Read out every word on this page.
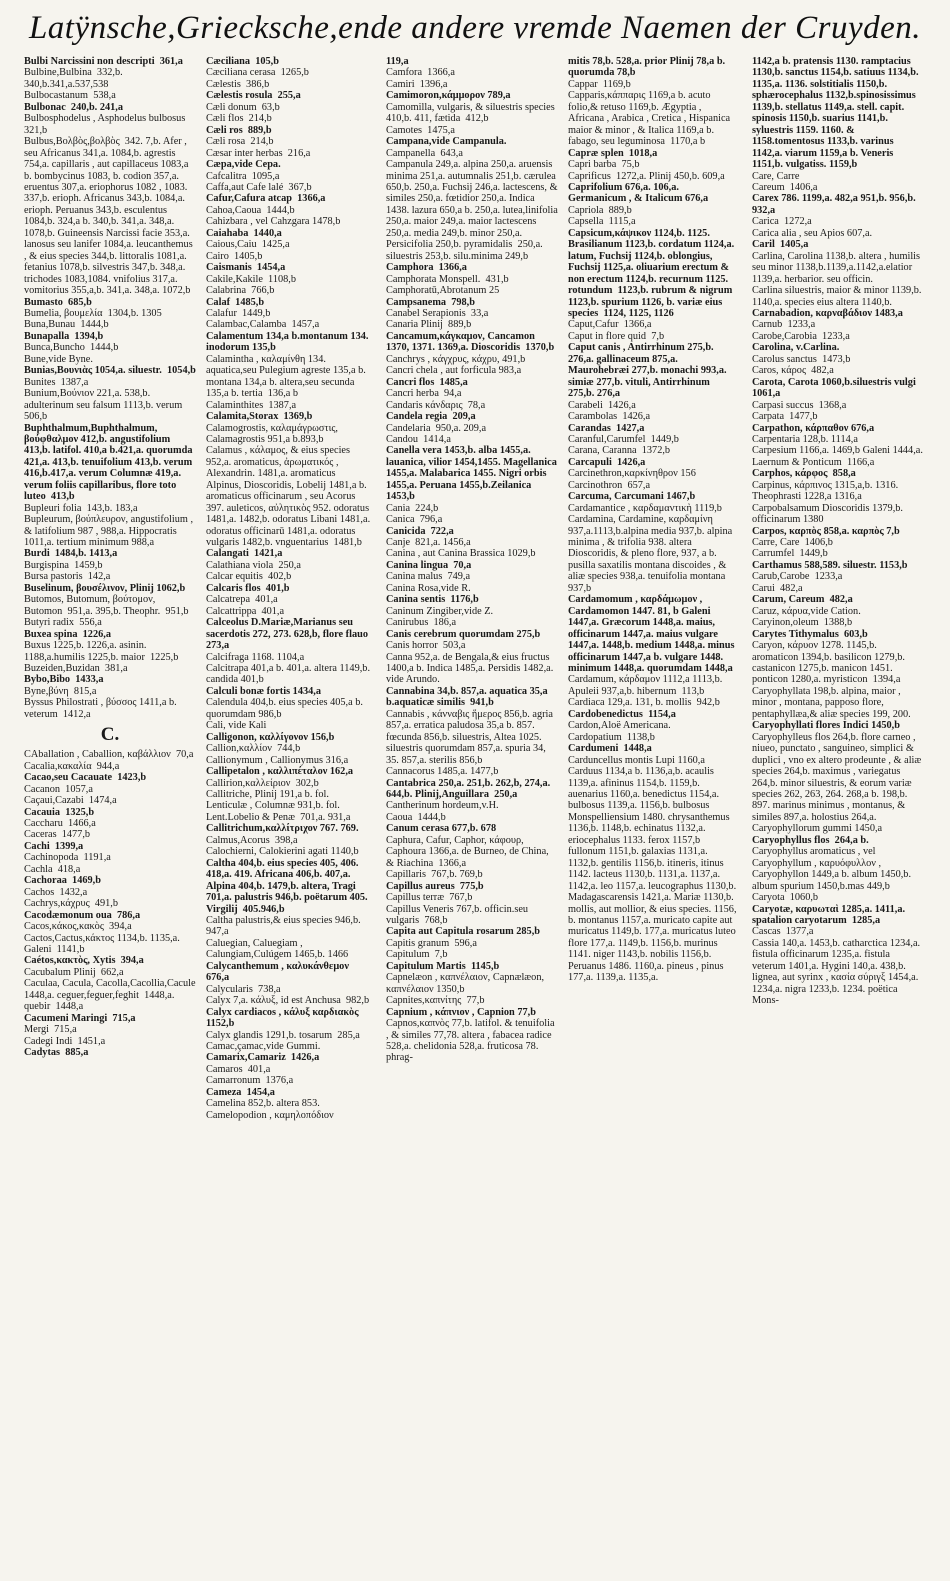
Latÿnsche,Griecksche,ende andere vremde Naemen der Cruyden.
Bulbi Narcissini non descripti  361,a
Bulbine,Bulbina  332,b. 340,b.341,a.537,538
Bulbocastanum  538,a
Bulbonac  240,b. 241,a
Bulbosphodelus , Asphodelus bulbosus  321,b
Bulbus,Βολβὸς,βολβὸς  342. 7,b. Afer , seu Africanus 341,a. 1084,b. agrestis 754,a. capillaris , aut capillaceus 1083,a b. bombycinus 1083, b. codion 357,a. eruentus 307,a. eriophorus 1082 , 1083. 337,b. erioph. Africanus 343,b. 1084,a. erioph. Peruanus 343,b. esculentus 1084,b. 324,a b. 340,b. 341,a. 348,a. 1078,b. Guineensis Narcissi facie 353,a. lanosus seu lanifer 1084,a. leucanthemus , & eius species 344,b. littoralis 1081,a. fetanius 1078,b. silvestris 347,b. 348,a. trichodes 1083,1084. vnifolius 317,a. vomitorius 355,a,b. 341,a. 348,a. 1072,b
Bumasto  685,b
Bumelia, βουμελία  1304,b. 1305
Buna,Bunau  1444,b
Bunapalla  1394,b
Bunca,Buncho  1444,b
Bune,vide Byne.
Bunias,Βουνιὰς 1054,a. siluestr.  1054,b
Bunites  1387,a
Bunium,Βούνιον 221,a. 538,b. adulterinum seu falsum 1113,b. verum 506,b
Buphthalmum,Buphthalmum, βούφθαλμον 412,b. angustifolium 413,b. latifol. 410,a b.421,a. quorumda 421,a. 413,b. tenuifolium 413,b. verum 416,b.417,a. verum Columnæ 419,a. verum foliis capillaribus, flore toto luteo  413,b
Bupleuri folia  143,b. 183,a
Bupleurum, βούπλευρον, angustifolium , & latifolium 987 , 988,a. Hippocratis 1011,a. tertium minimum 988,a
Burdi  1484,b. 1413,a
Burgispina  1459,b
Bursa pastoris  142,a
Buselinum, βουσέλινον, Plinij 1062,b
Butomos, Butomum, βούτομον, Butomon  951,a. 395,b. Theophr.  951,b
Butyri radix  556,a
Buxea spina  1226,a
Buxus 1225,b. 1226,a. asinin. 1188,a.humilis 1225,b. maior  1225,b
Buzeiden,Buzidan  381,a
Bybo,Bibo  1433,a
Byne,βύνη  815,a
Byssus Philostrati , βύσσος 1411,a b. veterum  1412,a
C.
CAballation , Caballion, καβάλλιον  70,a
Cacalia,κακαλία  944,a
Cacao,seu Cacauate  1423,b
Cacanon  1057,a
Caçaui,Cazabi  1474,a
Cacauia  1325,b
Caccharu  1466,a
Caceras  1477,b
Cachi  1399,a
Cachinopoda  1191,a
Cachla  418,a
Cachoraa  1469,b
Cachos  1432,a
Cachrys,κάχρυς  491,b
Cacodæmonum oua  786,a
Cacos,κάκος,κακὸς  394,a
Cactos,Cactus,κάκτος 1134,b. 1135,a. Galeni  1141,b
Caétos,κακτὸς, Xytis  394,a
Cacubalum Plinij  662,a
Caculaa, Cacula, Cacolla,Cacollia,Cacule 1448,a. ceguer,feguer,feghit  1448,a. quebir  1448,a
Cacumeni Maringi  715,a
Mergi  715,a
Cadegi Indi  1451,a
Cadytas  885,a
Cæciliana  105,b
Cæciliana cerasa  1265,b
Cælestis  386,b
Cælestis rosula  255,a
Cæli donum  63,b
Cæli flos  214,b
Cæli ros  889,b
Cæli rosa  214,b
Cæsar inter herbas  216,a
Cæpa,vide Cepa.
Cafcalitra  1095,a
Caffa,aut Cafe lalé  367,b
Cafur,Cafura atcap  1366,a
Cahoa,Caoua  1444,b
Cahizbara , vel Cahzgara 1478,b
Caiahaba  1440,a
Caious,Caiu  1425,a
Cairo  1405,b
Caismanis  1454,a
Cakile,Kakile  1108,b
Calabrina  766,b
Calaf  1485,b
Calafur  1449,b
Calambac,Calamba  1457,a
Calamentum 134,a b.montanum 134. inodorum 135,b
Calamintha , καλαμίνθη 134. aquatica,seu Pulegium agreste 135,a b. montana 134,a b. altera,seu secunda 135,a b. tertia  136,a b
Calaminthites  1387,a
Calamita,Storax  1369,b
Calamogrostis, καλαμάγρωστις, Calamagrostis 951,a b.893,b
Calamus , κάλαμος, & eius species 952,a. aromaticus, ἀρωματικός , Alexandrin. 1481,a. aromaticus Alpinus, Dioscoridis, Lobelij 1481,a b. aromaticus officinarum , seu Acorus 397. auleticos, αὐλητικὸς 952. odoratus 1481,a. 1482,b. odoratus Libani 1481,a. odoratus officinarū 1481,a. odoratus vulgaris 1482,b. vnguentarius  1481,b
Calangati  1421,a
Calathiana viola  250,a
Calcar equitis  402,b
Calcaris flos  401,b
Calcatrepa  401,a
Calcattrippa  401,a
Calceolus D.Mariæ,Marianus seu sacerdotis 272, 273. 628,b, flore flauo 273,a
Calcifraga 1168. 1104,a
Calcitrapa 401,a b. 401,a. altera 1149,b. candida 401,b
Calculi bonæ fortis 1434,a
Calendula 404,b. eius species 405,a b. quorumdam 986,b
Cali, vide Kali
Calligonon, καλλίγονον 156,b
Callion,καλλίον  744,b
Callionymum , Callionymus 316,a
Callipetalon , καλλιπέταλον 162,a
Callirion,καλλείριον  302,b
Callitriche, Plinij 191,a b. fol. Lenticulæ , Columnæ 931,b. fol. Lent.Lobelio & Penæ  701,a. 931,a
Callitrichum,καλλίτριχον 767. 769.
Calmus,Acorus  398,a
Calochierni, Calokierini agati 1140,b
Caltha 404,b. eius species 405, 406. 418,a. 419. Africana 406,b. 407,a. Alpina 404,b. 1479,b. altera, Tragi 701,a. palustris 946,b. poëtarum 405. Virgilij  405.946,b
Caltha palustris,& eius species 946,b. 947,a
Caluegian, Caluegiam , Calungiam,Culúgem 1465,b. 1466
Calycanthemum , καλυκάνθεμον  676,a
Calycularis  738,a
Calyx 7,a. κάλυξ, id est Anchusa  982,b
Calyx cardiacos , κάλυξ καρδιακὸς  1152,b
Calyx glandis 1291,b. tosarum  285,a
Camac,çamac,vide Gummi.
Camarix,Camariz  1426,a
Camaros  401,a
Camarronum  1376,a
Cameza  1454,a
Camelina 852,b. altera 853.
Camelopodion , καμηλοπόδιον
119,a
Camfora  1366,a
Camiri  1396,a
Camimoron,κάμμορον 789,a
Camomilla, vulgaris, & siluestris species 410,b. 411, fætida  412,b
Camotes  1475,a
Campana,vide Campanula.
Campanella  643,a
Campanula 249,a. alpina 250,a. aruensis minima 251,a. autumnalis 251,b. cærulea 650,b. 250,a. Fuchsij 246,a. lactescens, & similes 250,a. fœtidior 250,a. Indica 1438. lazura 650,a b. 250,a. lutea,linifolia 250,a. maior 249,a. maior lactescens 250,a. media 249,b. minor 250,a. Persicifolia 250,b. pyramidalis  250,a. siluestris 253,b. silu.minima 249,b
Camphora  1366,a
Camphorata Monspell.  431,b
Camphoratū,Abrotanum 25
Campsanema  798,b
Canabel Serapionis  33,a
Canaria Plinij  889,b
Cancamum,κάγκαμον, Cancamon 1370, 1371. 1369,a. Dioscoridis  1370,b
Canchrys , κάγχρυς, κάχρυ, 491,b
Cancri chela , aut forficula 983,a
Cancri flos  1485,a
Cancri herba  94,a
Candaris κάνδαρις  78,a
Candela regia  209,a
Candelaria  950,a. 209,a
Candou  1414,a
Canella vera 1453,b. alba 1455,a. lauanica, vilior 1454,1455. Magellanica 1455,a. Malabarica 1455. Nigri orbis 1455,a. Peruana 1455,b.Zeilanica 1453,b
Cania  224,b
Canica  796,a
Canicida  722,a
Canje  821,a. 1456,a
Canina , aut Canina Brassica 1029,b
Canina lingua  70,a
Canina malus  749,a
Canina Rosa,vide R.
Canina sentis  1176,b
Caninum Zingiber,vide Z.
Canirubus  186,a
Canis cerebrum quorumdam 275,b
Canis horror  503,a
Canna 952,a. de Bengala,& eius fructus 1400,a b. Indica 1485,a. Persidis 1482,a. vide Arundo.
Cannabina 34,b. 857,a. aquatica 35,a b.aquaticæ similis  941,b
Cannabis , κάνναβις ἥμερος 856,b. agria 857,a. erratica paludosa 35,a b. 857. fœcunda 856,b. siluestris, Altea 1025. siluestris quorumdam 857,a. spuria 34, 35. 857,a. sterilis 856,b
Cannacorus 1485,a. 1477,b
Cantabrica 250,a. 251,b. 262,b, 274,a. 644,b. Plinij,Anguillara  250,a
Cantherinum hordeum,v.H.
Caoua  1444,b
Canum cerasa 677,b. 678
Caphura, Cafur, Caphor, κάφουρ, Caphoura 1366,a. de Burneo, de China, & Riachina  1366,a
Capillaris  767,b. 769,b
Capillus aureus  775,b
Capillus terræ  767,b
Capillus Veneris 767,b. officin.seu vulgaris  768,b
Capita aut Capitula rosarum 285,b
Capitis granum  596,a
Capitulum  7,b
Capitulum Martis  1145,b
Capnelæon , καπνέλαιον, Capnælæon, καπνέλαιον 1350,b
Capnites,καπνίτης  77,b
Capnium , κάπνιον , Capnion 77,b
Capnos,καπνὸς 77,b. latifol. & tenuifolia , & similes 77,78. altera , fabacea radice 528,a. chelidonia 528,a. fruticosa 78. phrag-
mitis 78,b. 528,a. prior Plinij 78,a b. quorumda 78,b
Cappar  1169,b
Capparis,κάππαρις 1169,a b. acuto folio,& retuso 1169,b. Ægyptia , Africana , Arabica , Cretica , Hispanica maior & minor , & Italica 1169,a b. fabago, seu leguminosa  1170,a b
Capræ splen  1018,a
Capri barba  75,b
Caprificus  1272,a. Plinij 450,b. 609,a
Caprifolium 676,a. 106,a. Germanicum , & Italicum 676,a
Capriola  889,b
Capsella  1115,a
Capsicum,κάψικον 1124,b. 1125. Brasilianum 1123,b. cordatum 1124,a. latum, Fuchsij 1124,b. oblongius, Fuchsij 1125,a. oliuarium erectum & non erectum 1124,b. recurnum 1125. rotundum  1123,b. rubrum & nigrum 1123,b. spurium 1126, b. variæ eius species  1124, 1125, 1126
Caput,Cafur  1366,a
Caput in flore quid  7,b
Caput canis , Antirrhinum 275,b. 276,a. gallinaceum 875,a. Maurohebræi 277,b. monachi 993,a. simiæ 277,b. vituli, Antirrhinum 275,b. 276,a
Carabeli  1426,a
Carambolas  1426,a
Carandas  1427,a
Caranful,Carumfel  1449,b
Carana, Caranna  1372,b
Carcapuli  1426,a
Carcinethron,καρκίνηθρον 156
Carcinothron  657,a
Carcuma, Carcumani 1467,b
Cardamantice , καρδαμαντικὴ 1119,b
Cardamina, Cardamine, καρδαμίνη 937,a.1113,b.alpina media 937,b. alpina minima , & trifolia 938. altera Dioscoridis, & pleno flore, 937, a b. pusilla saxatilis montana discoides , & aliæ species 938,a. tenuifolia montana  937,b
Cardamomum , καρδάμωμον , Cardamomon 1447. 81, b Galeni 1447,a. Græcorum 1448,a. maius, officinarum 1447,a. maius vulgare 1447,a. 1448,b. medium 1448,a. minus officinarum 1447,a b. vulgare 1448. minimum 1448,a. quorumdam 1448,a
Cardamum, κάρδαμον 1112,a 1113,b. Apuleii 937,a,b. hibernum  113,b
Cardiaca 129,a. 131, b. mollis  942,b
Cardobenedictus  1154,a
Cardon,Aloë Americana.
Cardopatium  1138,b
Cardumeni  1448,a
Carduncellus montis Lupi 1160,a
Carduus 1134,a b. 1136,a,b. acaulis 1139,a. afininus 1154,b. 1159,b. auenarius 1160,a. benedictus 1154,a. bulbosus 1139,a. 1156,b. bulbosus Monspelliensium 1480. chrysanthemus 1136,b. 1148,b. echinatus 1132,a. eriocephalus 1133. ferox 1157,b fullonum 1151,b. galaxias 1131,a. 1132,b. gentilis 1156,b. itineris, itinus 1142. lacteus 1130,b. 1131,a. 1137,a. 1142,a. leo 1157,a. leucographus 1130,b. Madagascarensis 1421,a. Mariæ 1130,b. mollis, aut mollior, & eius species. 1156, b. montanus 1157,a. muricato capite aut muricatus 1149,b. 177,a. muricatus luteo flore 177,a. 1149,b. 1156,b. murinus 1141. niger 1143,b. nobilis 1156,b. Peruanus 1486. 1160,a. pineus , pinus 177,a. 1139,a. 1135,a.
1142,a b. pratensis 1130. ramptacius 1130,b. sanctus 1154,b. satiuus 1134,b. 1135,a. 1136. solstitialis 1150,b. sphærocephalus 1132,b.spinosissimus 1139,b. stellatus 1149,a. stell. capit. spinosis 1150,b. suarius 1141,b. syluestris 1159. 1160. & 1158.tomentosus 1133,b. varinus 1142,a. viarum 1159,a b. Veneris 1151,b. vulgatiss. 1159,b
Care, Carre
Careum  1406,a
Carex 786. 1199,a. 482,a 951,b. 956,b.  932,a
Carica  1272,a
Carica alia , seu Apios 607,a.
Caril  1405,a
Carlina, Carolina 1138,b. altera , humilis seu minor 1138,b.1139,a.1142,a.elatior 1139,a. herbarior. seu officin.
Carlina siluestris, maior & minor 1139,b. 1140,a. species eius altera 1140,b.
Carnabadion, καρναβάδιον 1483,a
Carnub  1233,a
Carobe,Carobia  1233,a
Carolina, v.Carlina.
Carolus sanctus  1473,b
Caros, κάρος  482,a
Carota, Carota 1060,b.siluestris vulgi  1061,a
Carpasi succus  1368,a
Carpata  1477,b
Carpathon, κάρπαθον 676,a
Carpentaria 128,b. 1114,a
Carpesium 1166,a. 1469,b Galeni 1444,a. Laernum & Ponticum  1166,a
Carphos, κάρφος  858,a
Carpinus, κάρπινος 1315,a,b. 1316. Theophrasti 1228,a 1316,a
Carpobalsamum Dioscoridis 1379,b. officinarum 1380
Carpos, καρπὸς 858,a. καρπὸς 7,b
Carre, Care  1406,b
Carrumfel  1449,b
Carthamus 588,589. siluestr. 1153,b
Carub,Carobe  1233,a
Carui  482,a
Carum, Careum  482,a
Caruz, κάρυα,vide Cation.
Caryinon,oleum  1388,b
Carytes Tithymalus  603,b
Caryon, κάρυον 1278. 1145,b. aromaticon 1394,b. basilicon 1279,b. castanicon 1275,b. manicon 1451. ponticon 1280,a. myristicon  1394,a
Caryophyllata 198,b. alpina, maior , minor , montana, papposo flore, pentaphyllæa,& aliæ species 199, 200.
Caryophyllati flores Indici 1450,b
Caryophylleus flos 264,b. flore carneo , niueo, punctato , sanguineo, simplici & duplici , vno ex altero prodeunte , & aliæ species 264,b. maximus , variegatus 264,b. minor siluestris, & eorum variæ species 262, 263, 264. 268,a b. 198,b. 897. marinus minimus , montanus, & similes 897,a. holostius 264,a.
Caryophyllorum gummi 1450,a
Caryophyllus flos  264,a b.
Caryophyllus aromaticus , vel Caryophyllum , καρυόφυλλον , Caryophyllon 1449,a b. album 1450,b. album spurium 1450,b.mas 449,b
Caryota  1060,b
Caryotæ, καρυωταὶ 1285,a. 1411,a. spatalion caryotarum  1285,a
Cascas  1377,a
Cassia 140,a. 1453,b. catharctica 1234,a. fistula officinarum 1235,a. fistula veterum 1401,a. Hygini 140,a. 438,b. lignea, aut syrinx , κασία σύριγξ 1454,a. 1234,a. nigra 1233,b. 1234. poëtica Mons-
